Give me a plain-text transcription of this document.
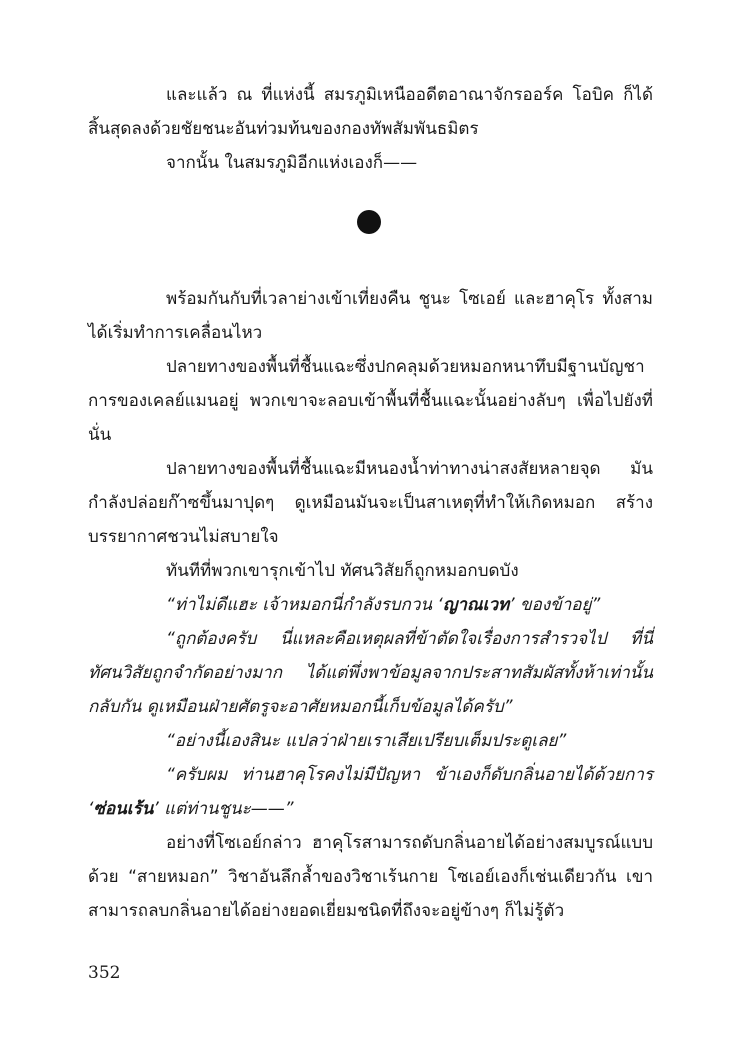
และแล้ว ณ ที่แห่งนี้ สมรภูมิเหนืออดีตอาณาจักรออร์ค โอบิค ก็ได้สิ้นสุดลงด้วยชัยชนะอันท่วมท้นของกองทัพสัมพันธมิตร

จากนั้น ในสมรภูมิอีกแห่งเองก็——

พร้อมกันกับที่เวลาย่างเข้าเที่ยงคืน ชูนะ โซเอย์ และฮาคุโร ทั้งสามได้เริ่มทำการเคลื่อนไหว

ปลายทางของพื้นที่ชื้นแฉะซึ่งปกคลุมด้วยหมอกหนาทึบมีฐานบัญชาการของเคลย์แมนอยู่ พวกเขาจะลอบเข้าพื้นที่ชื้นแฉะนั้นอย่างลับๆ เพื่อไปยังที่นั่น

ปลายทางของพื้นที่ชื้นแฉะมีหนองน้ำท่าทางน่าสงสัยหลายจุด มันกำลังปล่อยก๊าซขึ้นมาปุดๆ ดูเหมือนมันจะเป็นสาเหตุที่ทำให้เกิดหมอก สร้างบรรยากาศชวนไม่สบายใจ

ทันทีที่พวกเขารุกเข้าไป ทัศนวิสัยก็ถูกหมอกบดบัง

“ท่าไม่ดีแฮะ เจ้าหมอกนี่กำลังรบกวน ‘ญาณเวท’ ของข้าอยู่”

“ถูกต้องครับ นี่แหละคือเหตุผลที่ข้าตัดใจเรื่องการสำรวจไป ที่นี่ทัศนวิสัยถูกจำกัดอย่างมาก ได้แต่พึ่งพาข้อมูลจากประสาทสัมผัสทั้งห้าเท่านั้น กลับกัน ดูเหมือนฝ่ายศัตรูจะอาศัยหมอกนี้เก็บข้อมูลได้ครับ”

“อย่างนี้เองสินะ แปลว่าฝ่ายเราเสียเปรียบเต็มประตูเลย”

“ครับผม ท่านฮาคุโรคงไม่มีปัญหา ข้าเองก็ดับกลิ่นอายได้ด้วยการ ‘ซ่อนเร้น’ แต่ท่านชูนะ——”

อย่างที่โซเอย์กล่าว ฮาคุโรสามารถดับกลิ่นอายได้อย่างสมบูรณ์แบบด้วย “สายหมอก” วิชาอันลึกล้ำของวิชาเร้นกาย โซเอย์เองก็เช่นเดียวกัน เขาสามารถลบกลิ่นอายได้อย่างยอดเยี่ยมชนิดที่ถึงจะอยู่ข้างๆ ก็ไม่รู้ตัว

352
